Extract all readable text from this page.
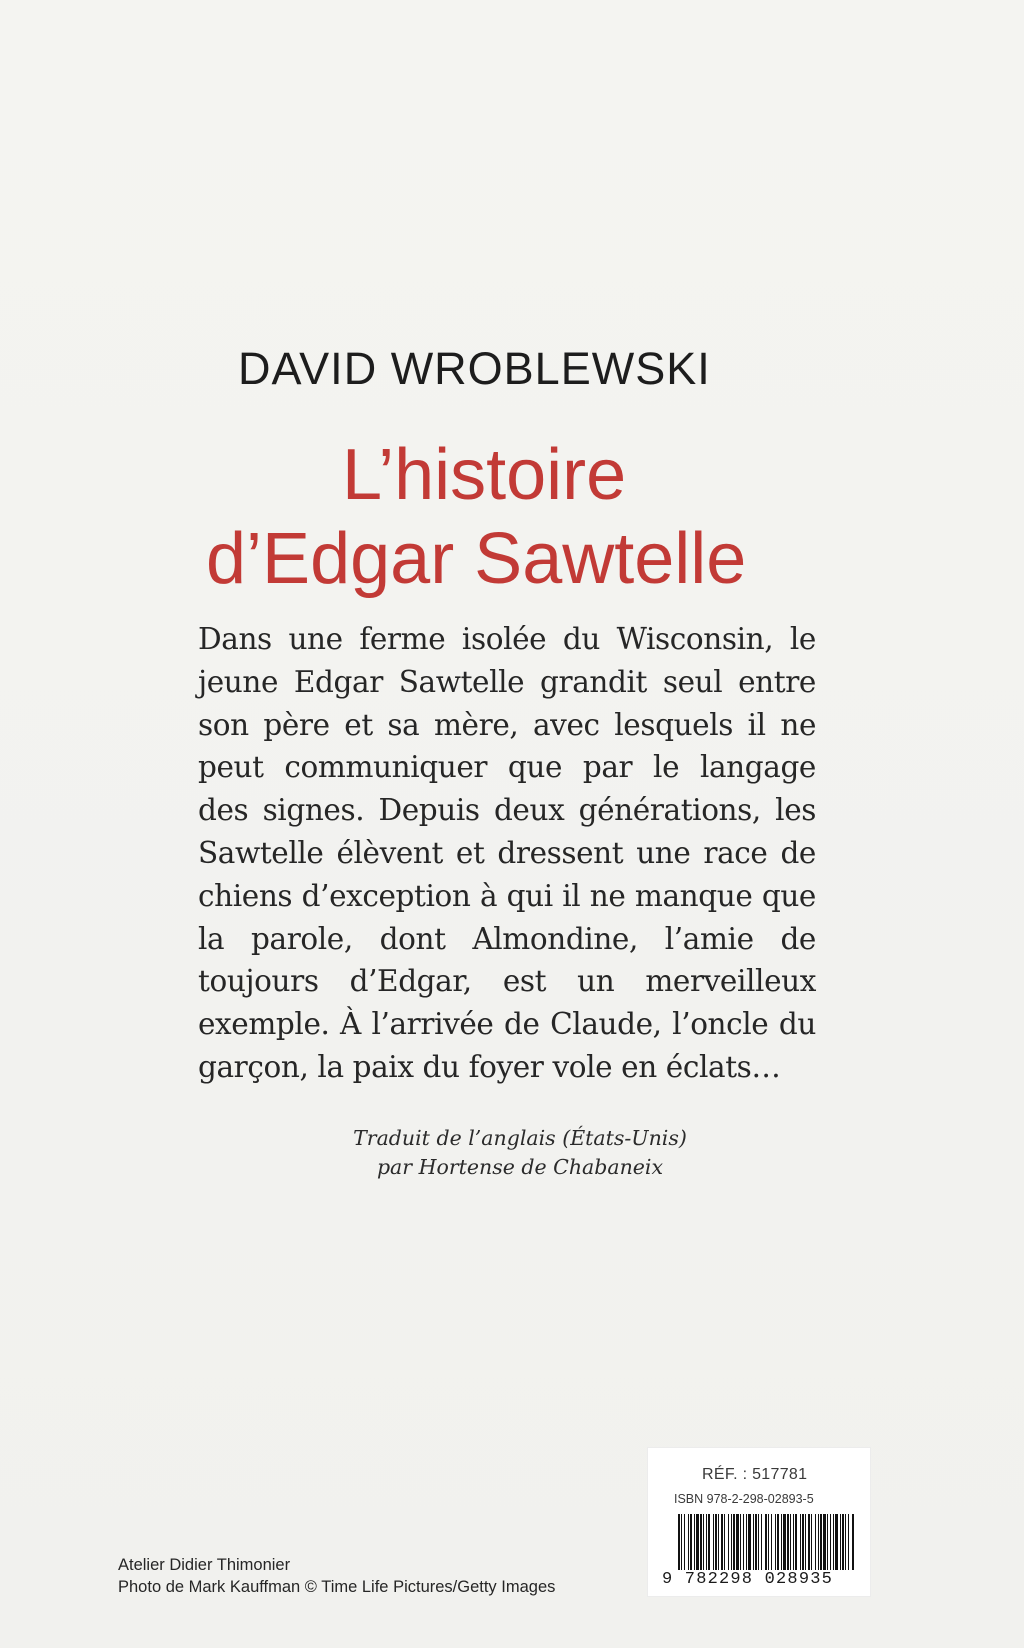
DAVID WROBLEWSKI
L’histoire
d’Edgar Sawtelle

Dans une ferme isolée du Wisconsin, le jeune Edgar Sawtelle grandit seul entre son père et sa mère, avec lesquels il ne peut communiquer que par le langage des signes. Depuis deux générations, les Sawtelle élèvent et dressent une race de chiens d’exception à qui il ne manque que la parole, dont Almondine, l’amie de toujours d’Edgar, est un merveilleux exemple. À l’arrivée de Claude, l’oncle du garçon, la paix du foyer vole en éclats…

Traduit de l’anglais (États-Unis)
par Hortense de Chabaneix
RÉF. : 517781
ISBN 978-2-298-02893-5
9 782298 028935
Atelier Didier Thimonier
Photo de Mark Kauffman © Time Life Pictures/Getty Images
